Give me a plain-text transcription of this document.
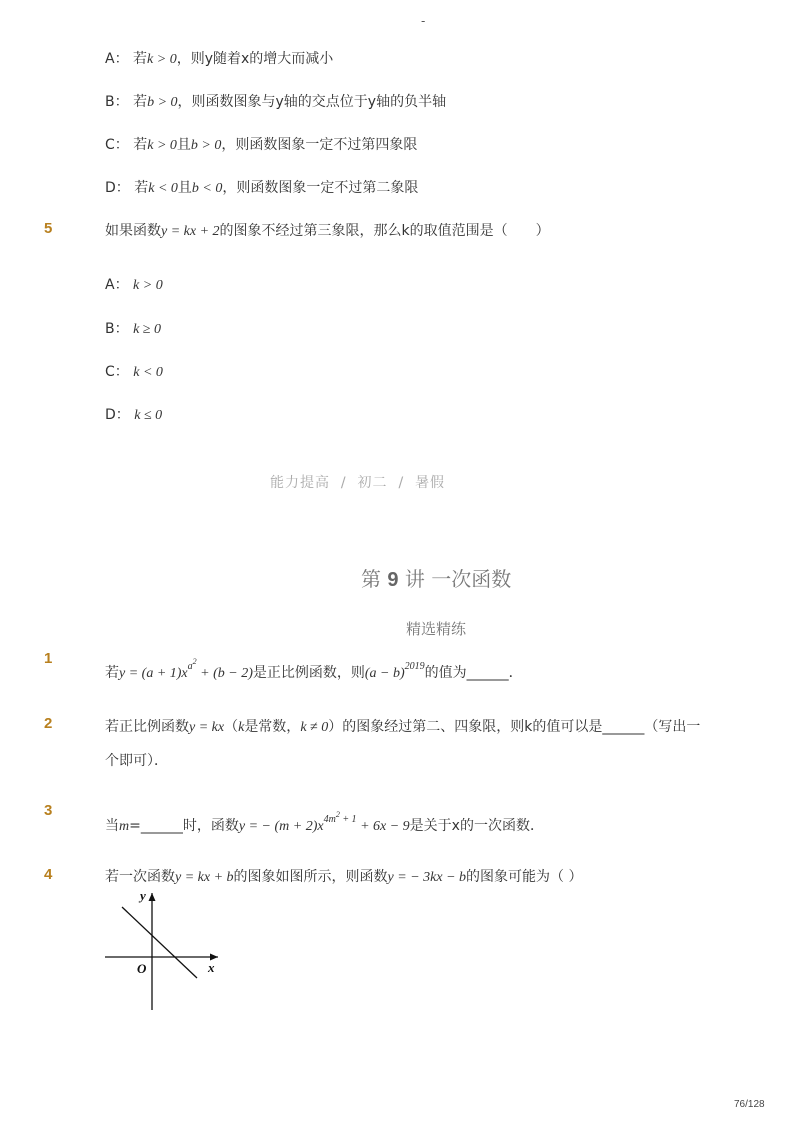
-
A： 若k > 0，则y随着x的增大而减小
B： 若b > 0，则函数图象与y轴的交点位于y轴的负半轴
C： 若k > 0且b > 0，则函数图象一定不过第四象限
D： 若k < 0且b < 0，则函数图象一定不过第二象限
5	如果函数y = kx + 2的图象不经过第三象限，那么k的取值范围是（　　）
A： k > 0
B： k ≥ 0
C： k < 0
D： k ≤ 0
能力提高 / 初二 / 暑假
第 9 讲 一次函数
精选精练
1
若$y = (a + 1)x^{a^2} + (b - 2)$是正比例函数，则$(a - b)^{2019}$的值为______．
2	若正比例函数y = kx（k是常数，k ≠ 0）的图象经过第二、四象限，则k的值可以是______（写出一
个即可）．
3
当m=______时，函数y = − $(m + 2)x^{4m^2 + 1} + 6x - 9$是关于x的一次函数．
4	若一次函数y = kx + b的图象如图所示，则函数y = − 3kx − b的图象可能为（ ）
y
x
O
76/128
